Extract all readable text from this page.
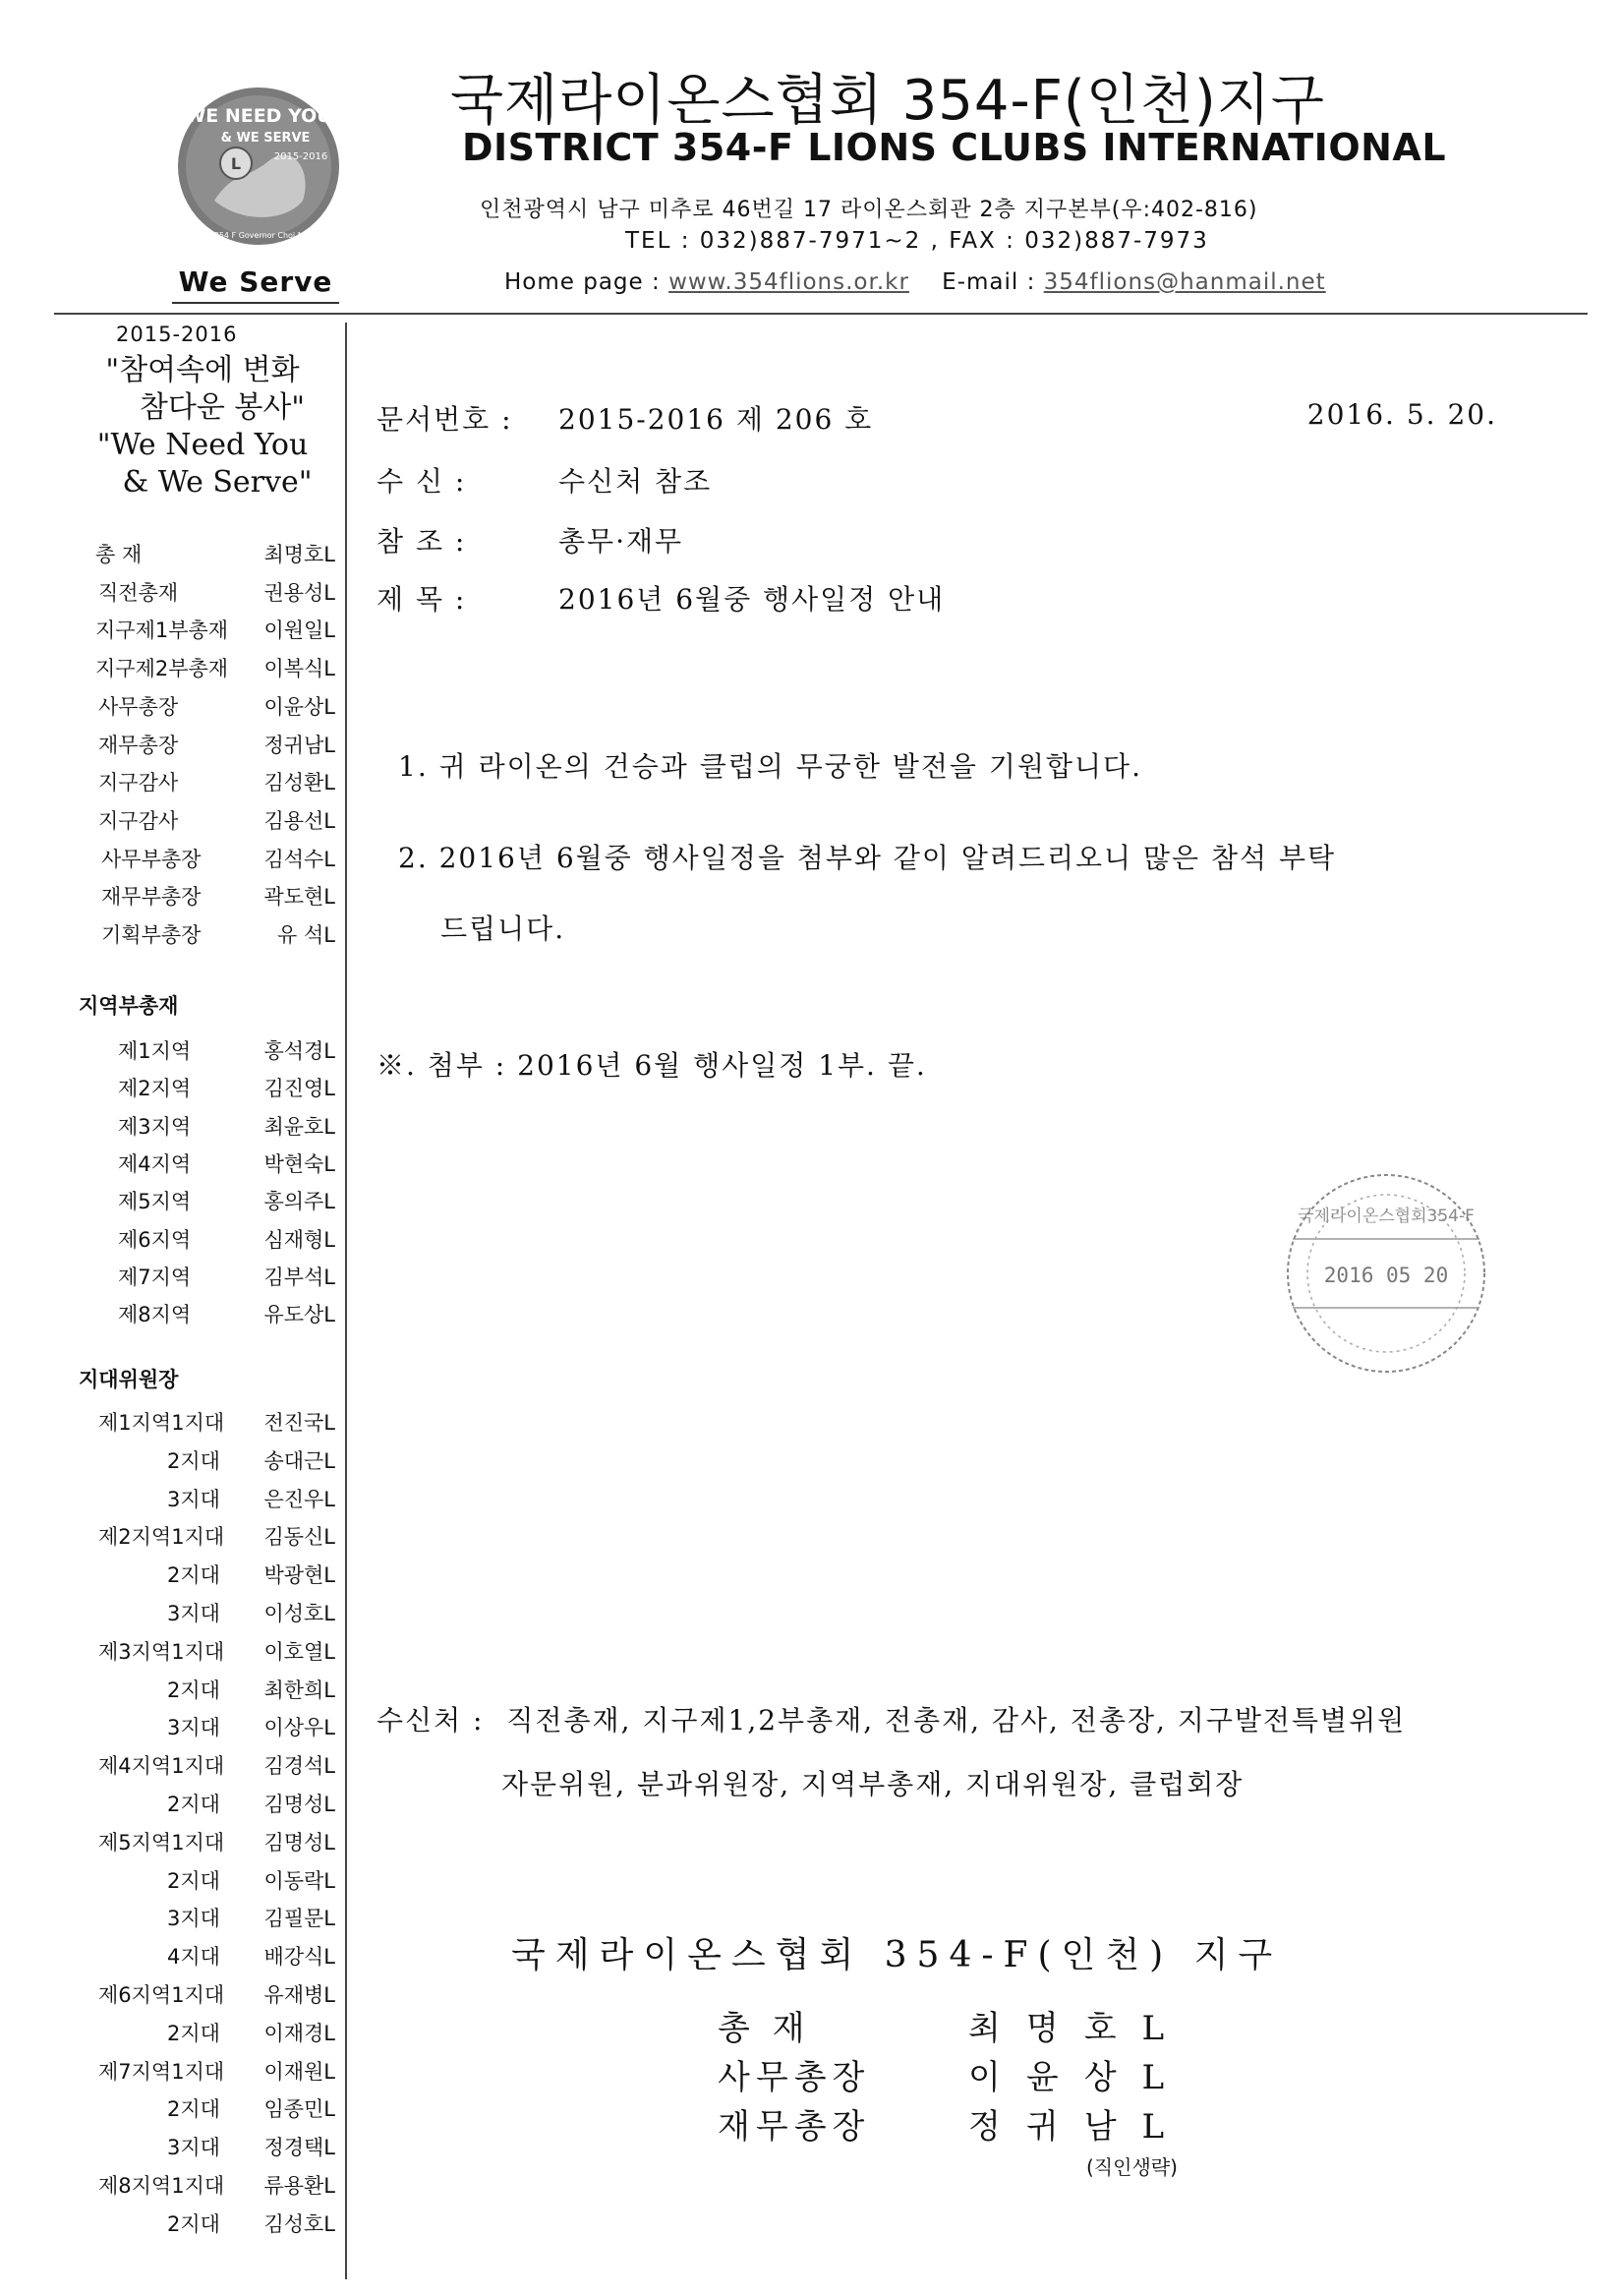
L
WE NEED YOU
& WE SERVE
2015-2016
District 354 F Governor Choi Myungho
We Serve
국제라이온스협회 354-F(인천)지구
DISTRICT 354-F LIONS CLUBS INTERNATIONAL
인천광역시 남구 미추로 46번길 17 라이온스회관 2층 지구본부(우:402-816)
TEL : 032)887-7971~2 , FAX : 032)887-7973
Home page : www.354flions.or.kr E-mail : 354flions@hanmail.net
2015-2016
"참여속에 변화
참다운 봉사"
"We Need You
& We Serve"
총 재	최명호L
직전총재	권용성L
지구제1부총재	이원일L
지구제2부총재	이복식L
사무총장	이윤상L
재무총장	정귀남L
지구감사	김성환L
지구감사	김용선L
사무부총장	김석수L
재무부총장	곽도현L
기획부총장	유 석L
지역부총재
제1지역	홍석경L
제2지역	김진영L
제3지역	최윤호L
제4지역	박현숙L
제5지역	홍의주L
제6지역	심재형L
제7지역	김부석L
제8지역	유도상L
지대위원장
제1지역1지대	전진국L
2지대	송대근L
3지대	은진우L
제2지역1지대	김동신L
2지대	박광현L
3지대	이성호L
제3지역1지대	이호열L
2지대	최한희L
3지대	이상우L
제4지역1지대	김경석L
2지대	김명성L
제5지역1지대	김명성L
2지대	이동락L
3지대	김필문L
4지대	배강식L
제6지역1지대	유재병L
2지대	이재경L
제7지역1지대	이재원L
2지대	임종민L
3지대	정경택L
제8지역1지대	류용환L
2지대	김성호L
문서번호 : 2015-2016 제 206 호	2016. 5. 20.
수 신 :	수신처 참조
참 조 :	총무·재무
제 목 :	2016년 6월중 행사일정 안내
1. 귀 라이온의 건승과 클럽의 무궁한 발전을 기원합니다.
2. 2016년 6월중 행사일정을 첨부와 같이 알려드리오니 많은 참석 부탁
드립니다.
※. 첨부 : 2016년 6월 행사일정 1부. 끝.
국제라이온스협회354-F
2016 05 20
수신처 : 직전총재, 지구제1,2부총재, 전총재, 감사, 전총장, 지구발전특별위원
자문위원, 분과위원장, 지역부총재, 지대위원장, 클럽회장
국제라이온스협회 354-F(인천) 지구
총 재	최명호L
사무총장	이윤상L
재무총장	정귀남L
(직인생략)
